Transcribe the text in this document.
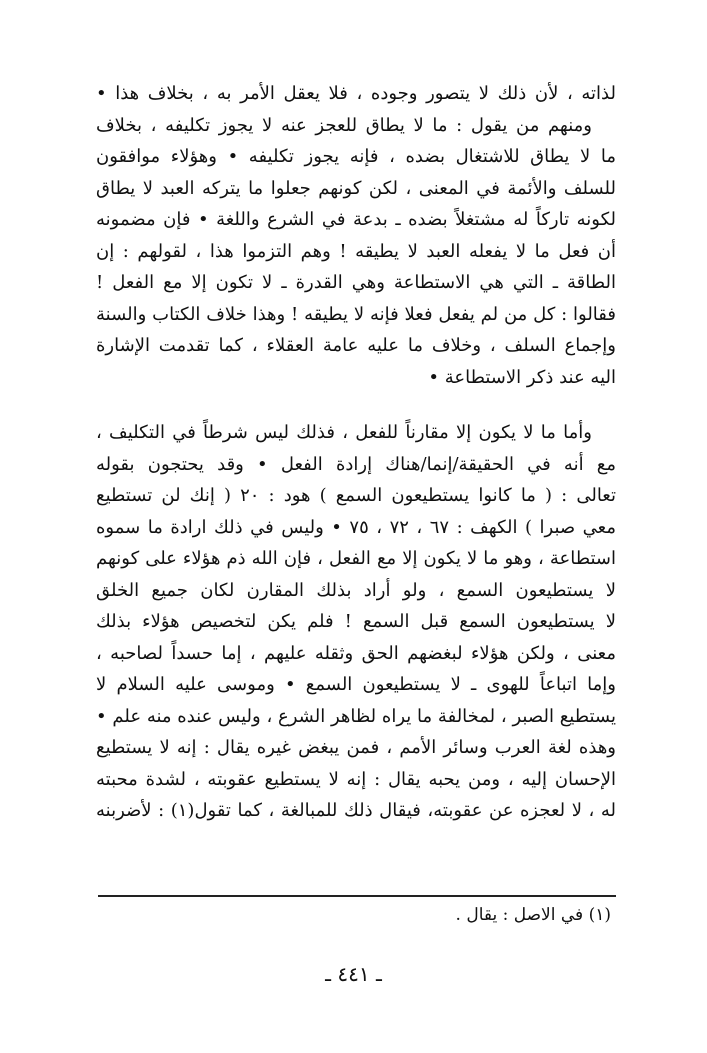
لذاته ، لأن ذلك لا يتصور وجوده ، فلا يعقل الأمر به ، بخلاف هذا •
ومنهم من يقول : ما لا يطاق للعجز عنه لا يجوز تكليفه ، بخلاف
ما لا يطاق للاشتغال بضده ، فإنه يجوز تكليفه • وهؤلاء موافقون
للسلف والأئمة في المعنى ، لكن كونهم جعلوا ما يتركه العبد لا يطاق
لكونه تاركاً له مشتغلاً بضده ـ بدعة في الشرع واللغة • فإن مضمونه
أن فعل ما لا يفعله العبد لا يطيقه ! وهم التزموا هذا ، لقولهم : إن
الطاقة ـ التي هي الاستطاعة وهي القدرة ـ لا تكون إلا مع الفعل !
فقالوا : كل من لم يفعل فعلا فإنه لا يطيقه ! وهذا خلاف الكتاب والسنة
وإجماع السلف ، وخلاف ما عليه عامة العقلاء ، كما تقدمت الإشارة
اليه عند ذكر الاستطاعة •
وأما ما لا يكون إلا مقارناً للفعل ، فذلك ليس شرطاً في التكليف ،
مع أنه في الحقيقة/إنما/هناك إرادة الفعل • وقد يحتجون بقوله
تعالى : ( ما كانوا يستطيعون السمع ) هود : ٢٠ ( إنك لن تستطيع
معي صبرا ) الكهف : ٦٧ ، ٧٢ ، ٧٥ • وليس في ذلك ارادة ما سموه
استطاعة ، وهو ما لا يكون إلا مع الفعل ، فإن الله ذم هؤلاء على كونهم
لا يستطيعون السمع ، ولو أراد بذلك المقارن لكان جميع الخلق
لا يستطيعون السمع قبل السمع ! فلم يكن لتخصيص هؤلاء بذلك
معنى ، ولكن هؤلاء لبغضهم الحق وثقله عليهم ، إما حسداً لصاحبه ،
وإما اتباعاً للهوى ـ لا يستطيعون السمع • وموسى عليه السلام لا
يستطيع الصبر ، لمخالفة ما يراه لظاهر الشرع ، وليس عنده منه علم •
وهذه لغة العرب وسائر الأمم ، فمن يبغض غيره يقال : إنه لا يستطيع
الإحسان إليه ، ومن يحبه يقال : إنه لا يستطيع عقوبته ، لشدة محبته
له ، لا لعجزه عن عقوبته، فيقال ذلك للمبالغة ، كما تقول(١) : لأضربنه
(١) في الاصل : يقال .
ـ ٤٤١ ـ
